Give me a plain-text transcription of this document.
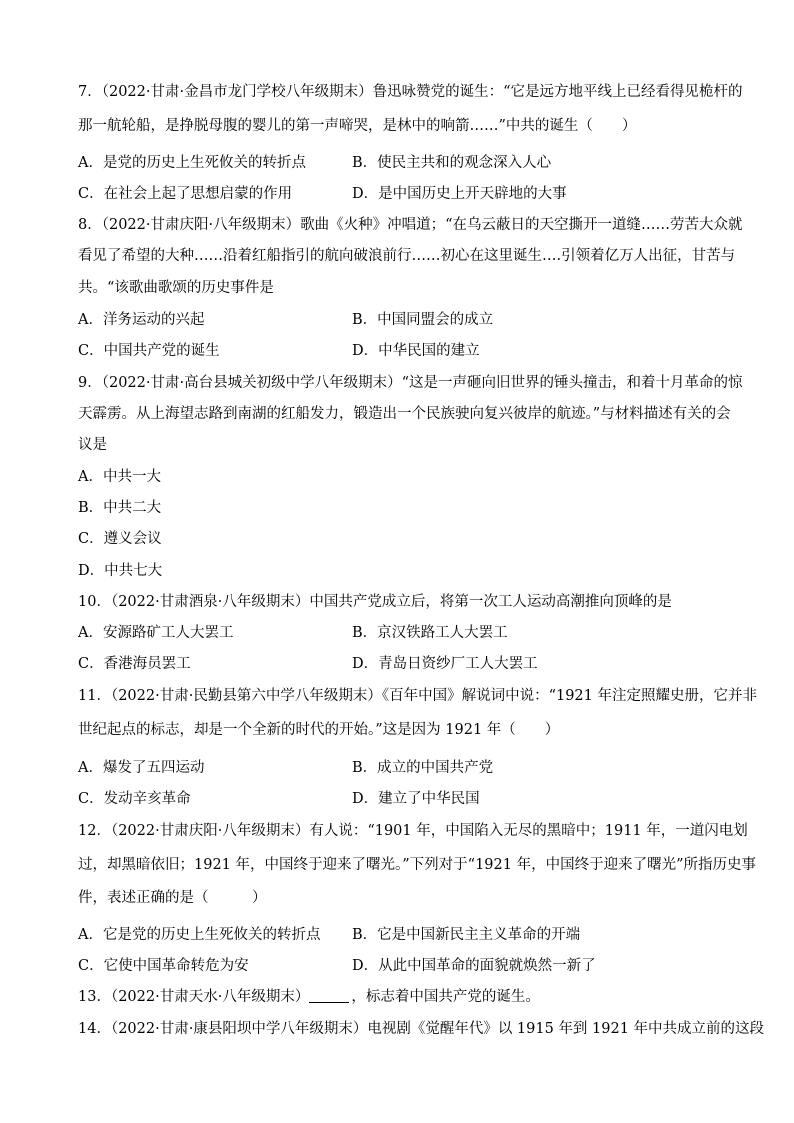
7．（2022·甘肃·金昌市龙门学校八年级期末）鲁迅咏赞党的诞生：“它是远方地平线上已经看得见桅杆的
那一航轮船，是挣脱母腹的婴儿的第一声啼哭，是林中的响箭……”中共的诞生（　　）
A．是党的历史上生死攸关的转折点	B．使民主共和的观念深入人心
C．在社会上起了思想启蒙的作用	D．是中国历史上开天辟地的大事
8．（2022·甘肃庆阳·八年级期末）歌曲《火种》冲唱道；“在乌云蔽日的天空撕开一道缝……劳苦大众就
看见了希望的大种……沿着红船指引的航向破浪前行……初心在这里诞生….引领着亿万人出征，甘苦与
共。“该歌曲歌颂的历史事件是
A．洋务运动的兴起	B．中国同盟会的成立
C．中国共产党的诞生	D．中华民国的建立
9．（2022·甘肃·高台县城关初级中学八年级期末）“这是一声砸向旧世界的锤头撞击，和着十月革命的惊
天霹雳。从上海望志路到南湖的红船发力，锻造出一个民族驶向复兴彼岸的航迹。”与材料描述有关的会
议是
A．中共一大
B．中共二大
C．遵义会议
D．中共七大
10．（2022·甘肃酒泉·八年级期末）中国共产党成立后，将第一次工人运动高潮推向顶峰的是
A．安源路矿工人大罢工	B．京汉铁路工人大罢工
C．香港海员罢工	D．青岛日资纱厂工人大罢工
11．（2022·甘肃·民勤县第六中学八年级期末）《百年中国》解说词中说：“1921 年注定照耀史册，它并非
世纪起点的标志，却是一个全新的时代的开始。”这是因为 1921 年（　　）
A．爆发了五四运动	B．成立的中国共产党
C．发动辛亥革命	D．建立了中华民国
12．（2022·甘肃庆阳·八年级期末）有人说：“1901 年，中国陷入无尽的黑暗中；1911 年，一道闪电划
过，却黑暗依旧；1921 年，中国终于迎来了曙光。”下列对于“1921 年，中国终于迎来了曙光”所指历史事
件，表述正确的是（　　　）
A．它是党的历史上生死攸关的转折点 B．它是中国新民主主义革命的开端
C．它使中国革命转危为安	D．从此中国革命的面貌就焕然一新了
13．（2022·甘肃天水·八年级期末）	，标志着中国共产党的诞生。
14．（2022·甘肃·康县阳坝中学八年级期末）电视剧《觉醒年代》以 1915 年到 1921 年中共成立前的这段
